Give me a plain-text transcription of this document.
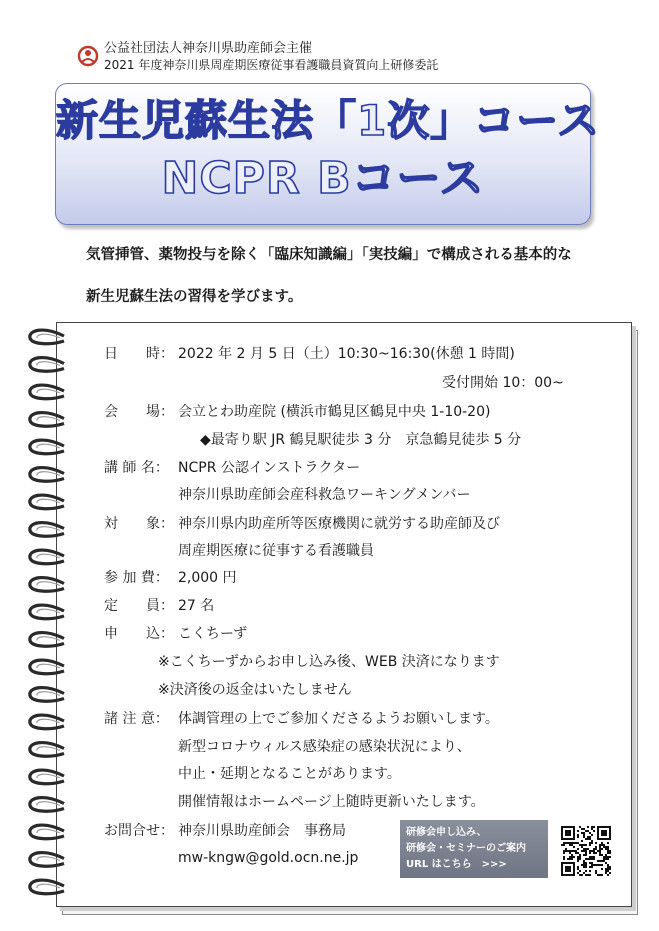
公益社団法人神奈川県助産師会主催
2021 年度神奈川県周産期医療従事看護職員資質向上研修委託
新生児蘇生法「1次」コース
NCPR Bコース
気管挿管、薬物投与を除く「臨床知識編」「実技編」で構成される基本的な
新生児蘇生法の習得を学びます。
日　　時： 2022 年 2 月 5 日（土）10:30~16:30(休憩 1 時間)
受付開始 10：00~
会　　場： 会立とわ助産院 (横浜市鶴見区鶴見中央 1-10-20)
◆最寄り駅 JR 鶴見駅徒歩 3 分　京急鶴見徒歩 5 分
講 師 名： NCPR 公認インストラクター
神奈川県助産師会産科救急ワーキングメンバー
対　　象： 神奈川県内助産所等医療機関に就労する助産師及び
周産期医療に従事する看護職員
参 加 費： 2,000 円
定　　員： 27 名
申　　込： こくちーず
※こくちーずからお申し込み後、WEB 決済になります
※決済後の返金はいたしません
諸 注 意： 体調管理の上でご参加くださるようお願いします。
新型コロナウィルス感染症の感染状況により、
中止・延期となることがあります。
開催情報はホームページ上随時更新いたします。
お問合せ： 神奈川県助産師会　事務局
mw-kngw@gold.ocn.ne.jp
研修会申し込み、
研修会・セミナーのご案内
URL はこちら　>>>
